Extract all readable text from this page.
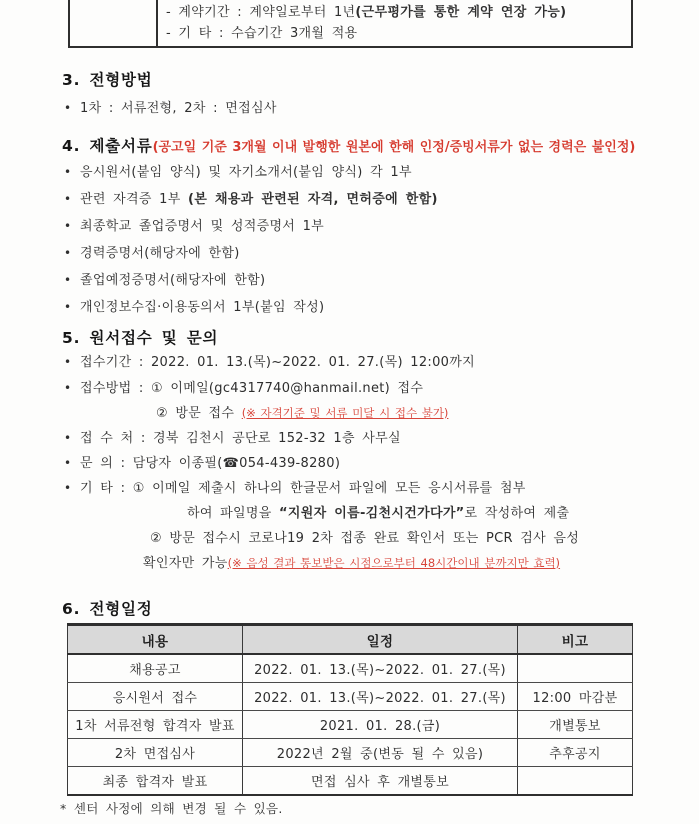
- 계약기간 : 계약일로부터 1년(근무평가를 통한 계약 연장 가능)
- 기 타 : 수습기간 3개월 적용
3. 전형방법
• 1차 : 서류전형, 2차 : 면접심사
4. 제출서류(공고일 기준 3개월 이내 발행한 원본에 한해 인정/증빙서류가 없는 경력은 불인정)
• 응시원서(붙임 양식) 및 자기소개서(붙임 양식) 각 1부
• 관련 자격증 1부 (본 채용과 관련된 자격, 면허증에 한함)
• 최종학교 졸업증명서 및 성적증명서 1부
• 경력증명서(해당자에 한함)
• 졸업예정증명서(해당자에 한함)
• 개인정보수집·이용동의서 1부(붙임 작성)
5. 원서접수 및 문의
• 접수기간 : 2022. 01. 13.(목)~2022. 01. 27.(목) 12:00까지
• 접수방법 : ① 이메일(gc4317740@hanmail.net) 접수
② 방문 접수 (※ 자격기준 및 서류 미달 시 접수 불가)
• 접 수 처 : 경북 김천시 공단로 152-32 1층 사무실
• 문 의 : 담당자 이종필(☎054-439-8280)
• 기 타 : ① 이메일 제출시 하나의 한글문서 파일에 모든 응시서류를 첨부
하여 파일명을 “지원자 이름-김천시건가다가”로 작성하여 제출
② 방문 접수시 코로나19 2차 접종 완료 확인서 또는 PCR 검사 음성
확인자만 가능(※ 음성 결과 통보받은 시점으로부터 48시간이내 분까지만 효력)
6. 전형일정
내용	일정	비고
채용공고	2022. 01. 13.(목)~2022. 01. 27.(목)	
응시원서 접수	2022. 01. 13.(목)~2022. 01. 27.(목)	12:00 마감분
1차 서류전형 합격자 발표	2021. 01. 28.(금)	개별통보
2차 면접심사	2022년 2월 중(변동 될 수 있음)	추후공지
최종 합격자 발표	면접 심사 후 개별통보	
* 센터 사정에 의해 변경 될 수 있음.
